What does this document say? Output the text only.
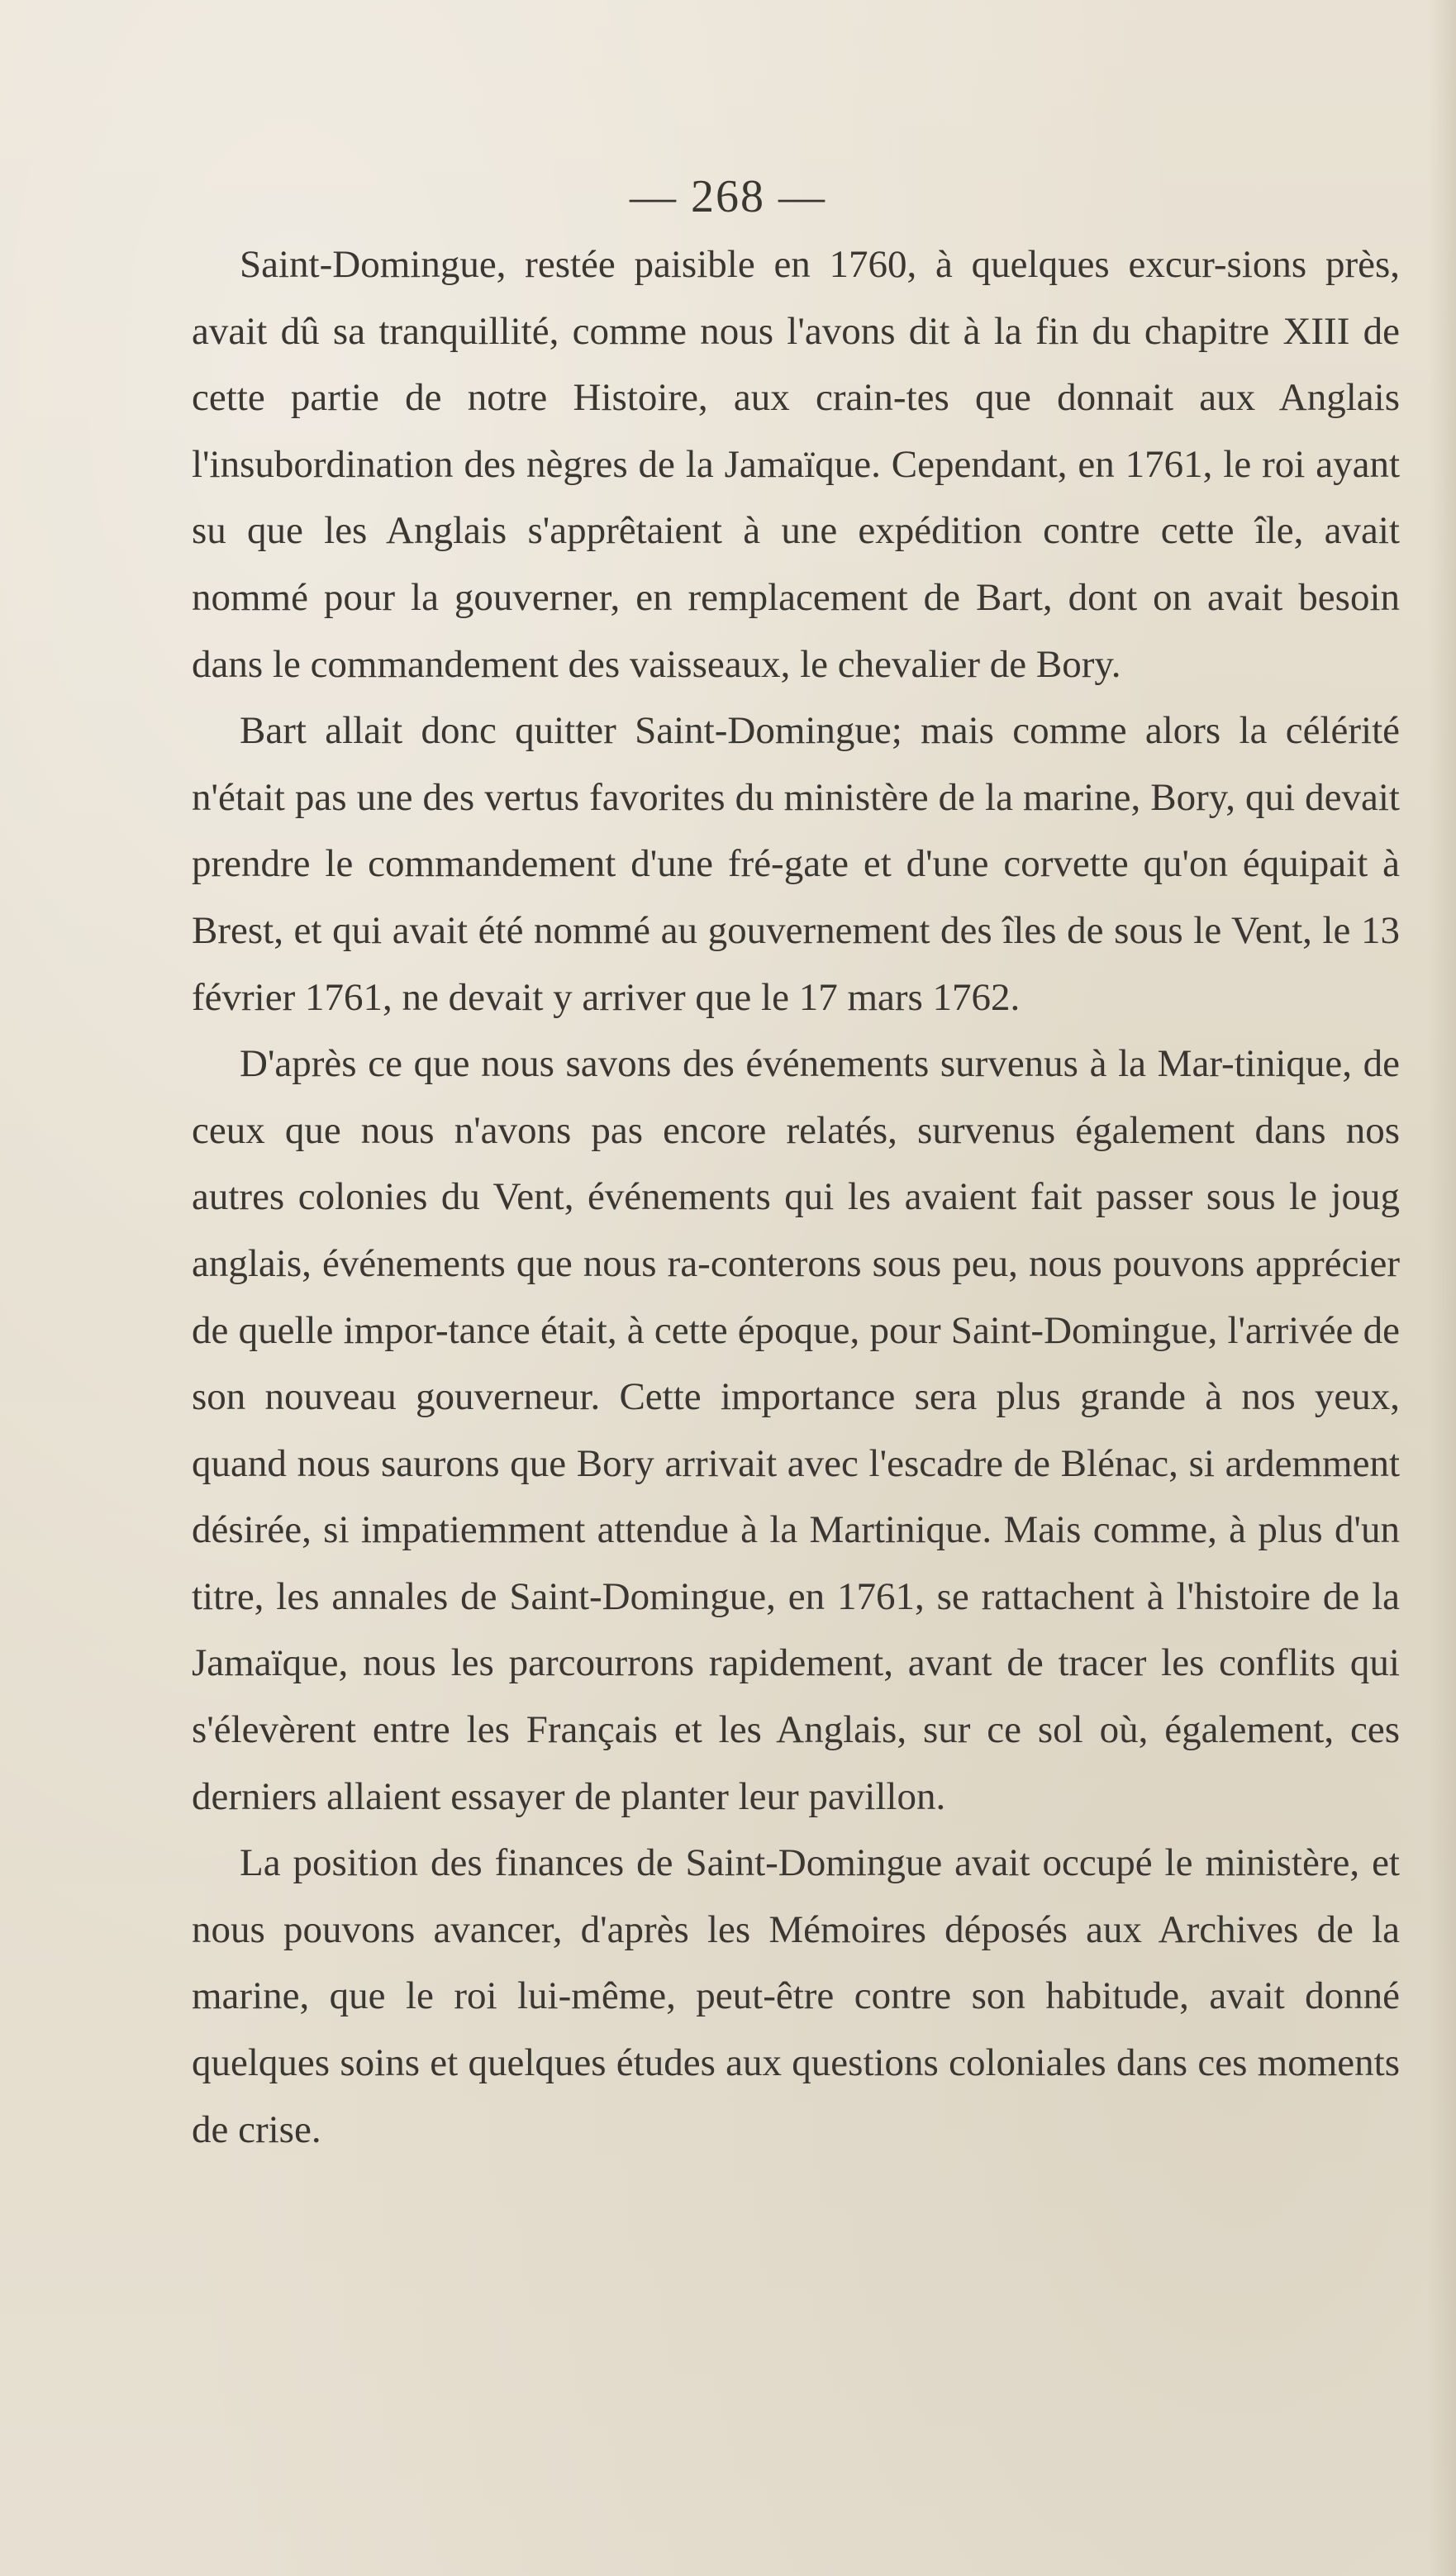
— 268 —

Saint-Domingue, restée paisible en 1760, à quelques excur-sions près, avait dû sa tranquillité, comme nous l'avons dit à la fin du chapitre XIII de cette partie de notre Histoire, aux crain-tes que donnait aux Anglais l'insubordination des nègres de la Jamaïque. Cependant, en 1761, le roi ayant su que les Anglais s'apprêtaient à une expédition contre cette île, avait nommé pour la gouverner, en remplacement de Bart, dont on avait besoin dans le commandement des vaisseaux, le chevalier de Bory.

Bart allait donc quitter Saint-Domingue; mais comme alors la célérité n'était pas une des vertus favorites du ministère de la marine, Bory, qui devait prendre le commandement d'une fré-gate et d'une corvette qu'on équipait à Brest, et qui avait été nommé au gouvernement des îles de sous le Vent, le 13 février 1761, ne devait y arriver que le 17 mars 1762.

D'après ce que nous savons des événements survenus à la Mar-tinique, de ceux que nous n'avons pas encore relatés, survenus également dans nos autres colonies du Vent, événements qui les avaient fait passer sous le joug anglais, événements que nous ra-conterons sous peu, nous pouvons apprécier de quelle impor-tance était, à cette époque, pour Saint-Domingue, l'arrivée de son nouveau gouverneur. Cette importance sera plus grande à nos yeux, quand nous saurons que Bory arrivait avec l'escadre de Blénac, si ardemment désirée, si impatiemment attendue à la Martinique. Mais comme, à plus d'un titre, les annales de Saint-Domingue, en 1761, se rattachent à l'histoire de la Jamaïque, nous les parcourrons rapidement, avant de tracer les conflits qui s'élevèrent entre les Français et les Anglais, sur ce sol où, également, ces derniers allaient essayer de planter leur pavillon.

La position des finances de Saint-Domingue avait occupé le ministère, et nous pouvons avancer, d'après les Mémoires déposés aux Archives de la marine, que le roi lui-même, peut-être contre son habitude, avait donné quelques soins et quelques études aux questions coloniales dans ces moments de crise.
